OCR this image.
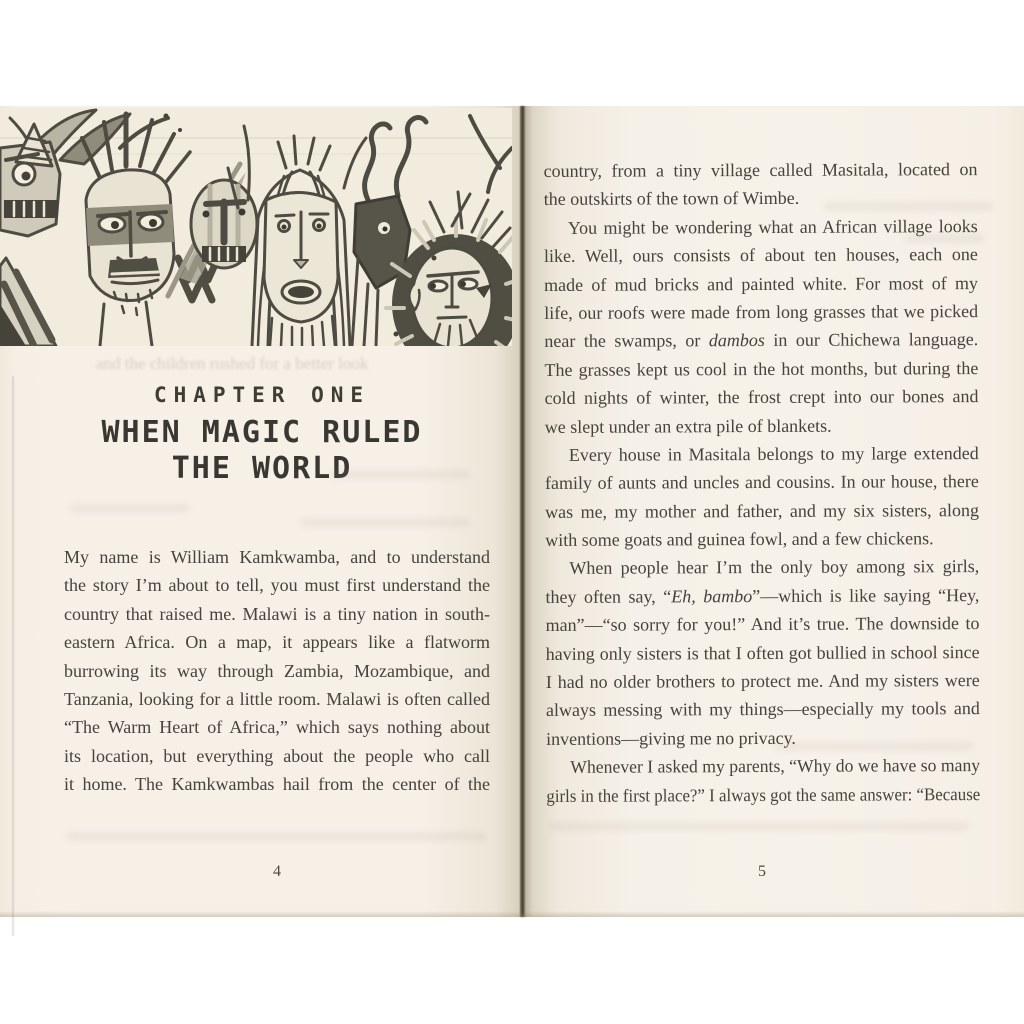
and the children rushed for a better look
CHAPTER ONE
WHEN MAGIC RULED
THE WORLD
My name is William Kamkwamba, and to understand
the story I’m about to tell, you must first understand the
country that raised me. Malawi is a tiny nation in south-
eastern Africa. On a map, it appears like a flatworm
burrowing its way through Zambia, Mozambique, and
Tanzania, looking for a little room. Malawi is often called
“The Warm Heart of Africa,” which says nothing about
its location, but everything about the people who call
it home. The Kamkwambas hail from the center of the
4
country, from a tiny village called Masitala, located on
the outskirts of the town of Wimbe.
You might be wondering what an African village looks
like. Well, ours consists of about ten houses, each one
made of mud bricks and painted white. For most of my
life, our roofs were made from long grasses that we picked
near the swamps, or dambos in our Chichewa language.
The grasses kept us cool in the hot months, but during the
cold nights of winter, the frost crept into our bones and
we slept under an extra pile of blankets.
Every house in Masitala belongs to my large extended
family of aunts and uncles and cousins. In our house, there
was me, my mother and father, and my six sisters, along
with some goats and guinea fowl, and a few chickens.
When people hear I’m the only boy among six girls,
they often say, “Eh, bambo”—which is like saying “Hey,
man”—“so sorry for you!” And it’s true. The downside to
having only sisters is that I often got bullied in school since
I had no older brothers to protect me. And my sisters were
always messing with my things—especially my tools and
inventions—giving me no privacy.
Whenever I asked my parents, “Why do we have so many
girls in the first place?” I always got the same answer: “Because
5
